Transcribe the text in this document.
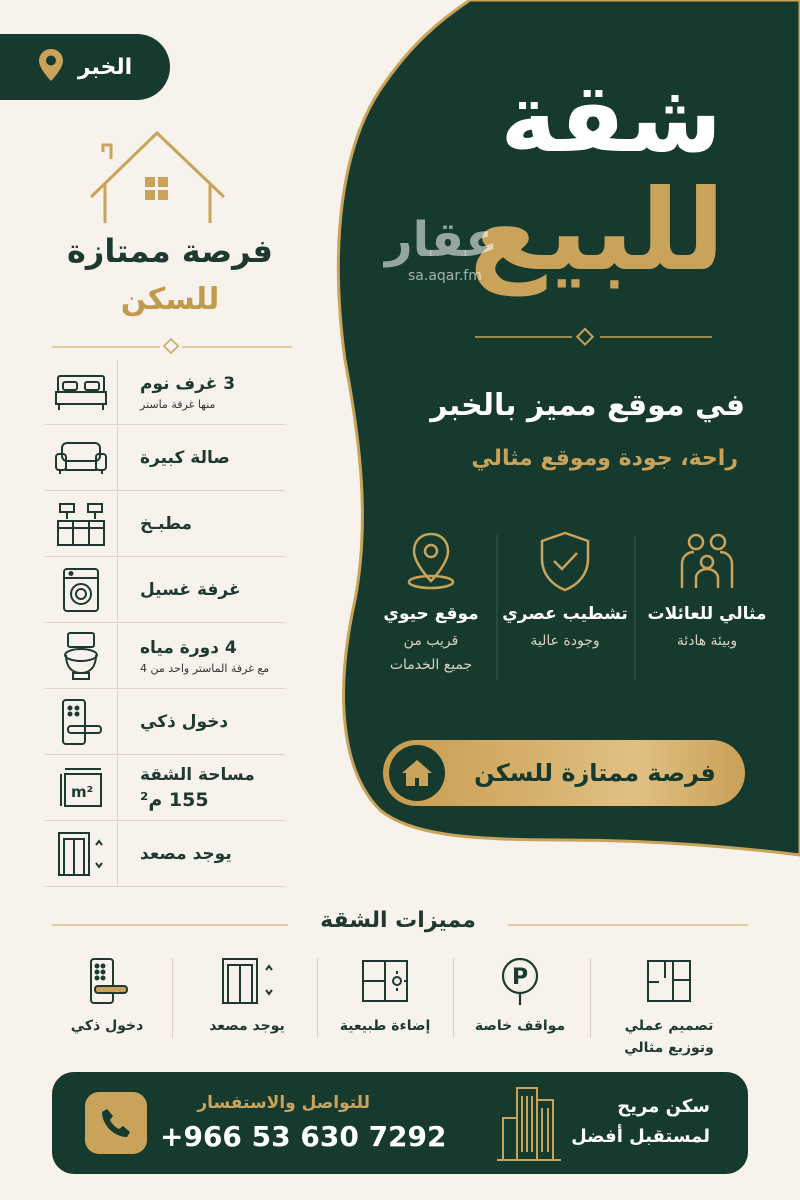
الخبر
فرصة ممتازة
للسكن
3 غرف نوم
منها غرفة ماستر
صالة كبيرة
مطبـخ
غرفة غسيل
4 دورة مياه
مع غرفة الماستر واحد من 4
دخول ذكي
m²
مساحة الشقة
155 م²
يوجد مصعد
شقة
للبيع
عقار
sa.aqar.fm
في موقع مميز بالخبر
راحة، جودة وموقع مثالي
مثالي للعائلات
وبيئة هادئة
تشطيب عصري
وجودة عالية
موقع حيوي
قريب من
جميع الخدمات
فرصة ممتازة للسكن
مميزات الشقة
تصميم عملي
وتوزيع مثالي
P
مواقف خاصة
إضاءة طبيعية
يوجد مصعد
دخول ذكي
للتواصل والاستفسار
+966 53 630 7292
سكن مريح
لمستقبل أفضل
